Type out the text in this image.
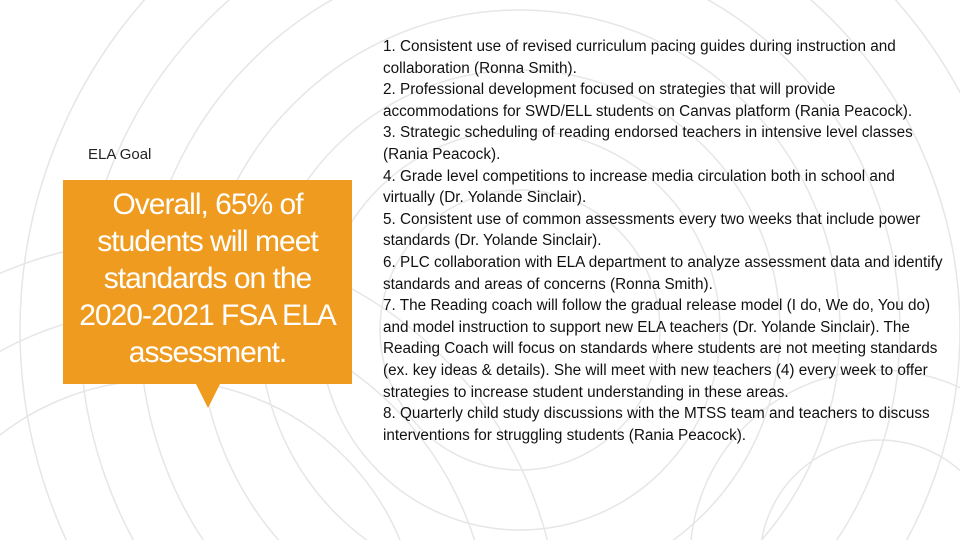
ELA Goal
Overall, 65% of students will meet standards on the 2020-2021 FSA ELA assessment.

1. Consistent use of revised curriculum pacing guides during instruction and collaboration (Ronna Smith).

2. Professional development focused on strategies that will provide accommodations for SWD/ELL students on Canvas platform (Rania Peacock).

3. Strategic scheduling of reading endorsed teachers in intensive level classes (Rania Peacock).

4. Grade level competitions to increase media circulation both in school and virtually (Dr. Yolande Sinclair).

5. Consistent use of common assessments every two weeks that include power standards (Dr. Yolande Sinclair).

6. PLC collaboration with ELA department to analyze assessment data and identify standards and areas of concerns (Ronna Smith).

7. The Reading coach will follow the gradual release model (I do, We do, You do) and model instruction to support new ELA teachers (Dr. Yolande Sinclair). The Reading Coach will focus on standards where students are not meeting standards (ex. key ideas & details). She will meet with new teachers (4) every week to offer strategies to increase student understanding in these areas.

8. Quarterly child study discussions with the MTSS team and teachers to discuss interventions for struggling students (Rania Peacock).
